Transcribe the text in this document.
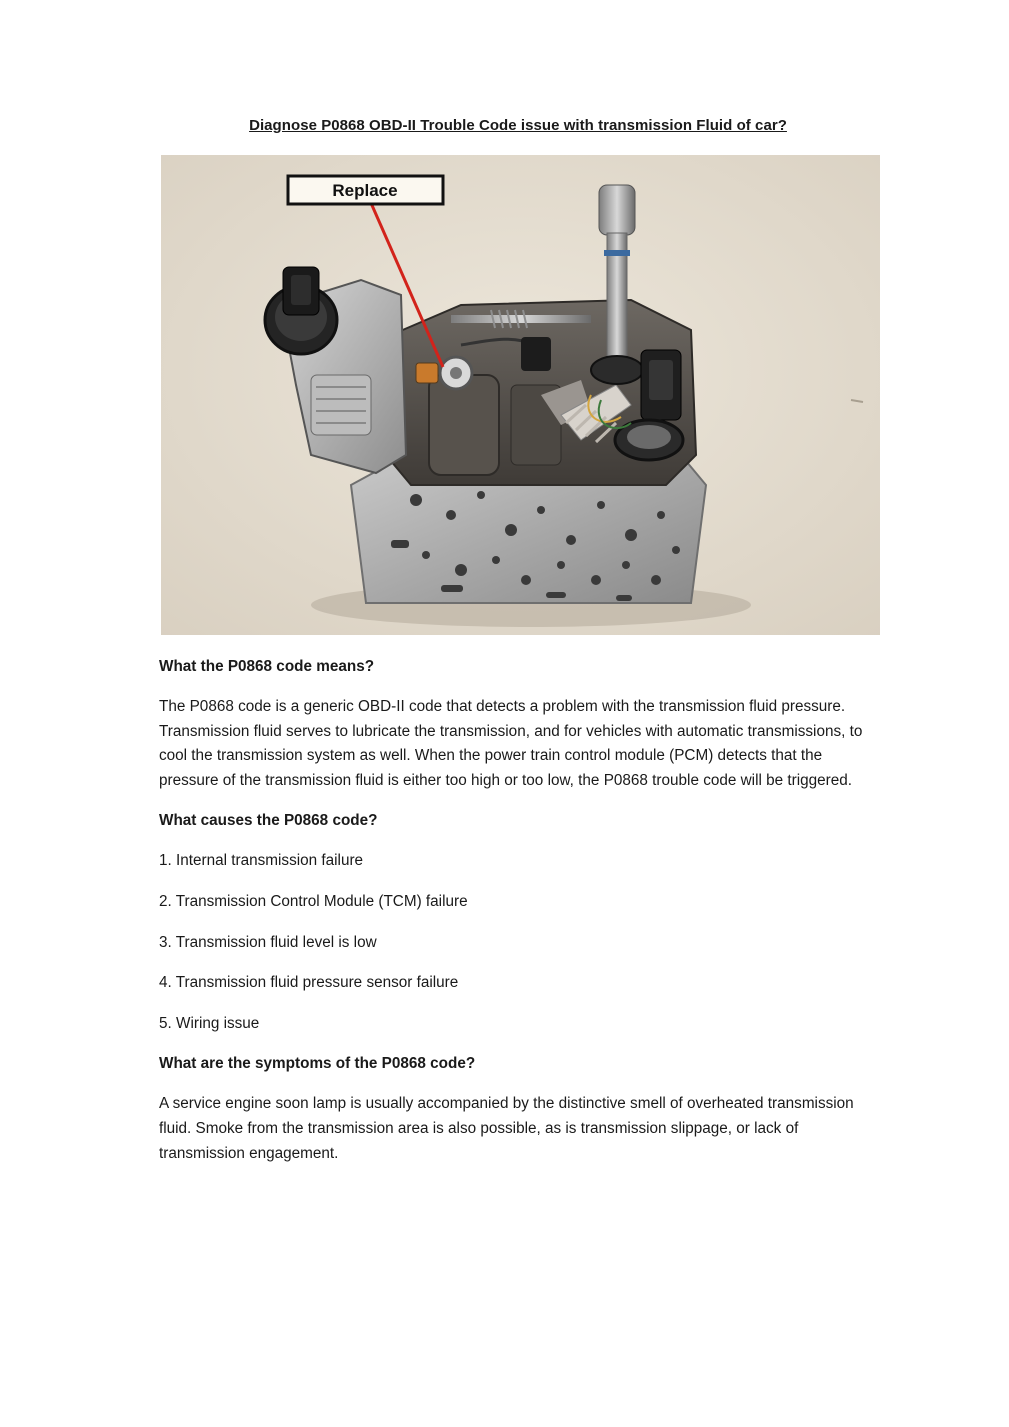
Diagnose P0868 OBD-II Trouble Code issue with transmission Fluid of car?
Replace
What the P0868 code means?

The P0868 code is a generic OBD-II code that detects a problem with the transmission fluid pressure. Transmission fluid serves to lubricate the transmission, and for vehicles with automatic transmissions, to cool the transmission system as well. When the power train control module (PCM) detects that the pressure of the transmission fluid is either too high or too low, the P0868 trouble code will be triggered.

What causes the P0868 code?
1. Internal transmission failure
2. Transmission Control Module (TCM) failure
3. Transmission fluid level is low
4. Transmission fluid pressure sensor failure
5. Wiring issue
What are the symptoms of the P0868 code?

A service engine soon lamp is usually accompanied by the distinctive smell of overheated transmission fluid. Smoke from the transmission area is also possible, as is transmission slippage, or lack of transmission engagement.
